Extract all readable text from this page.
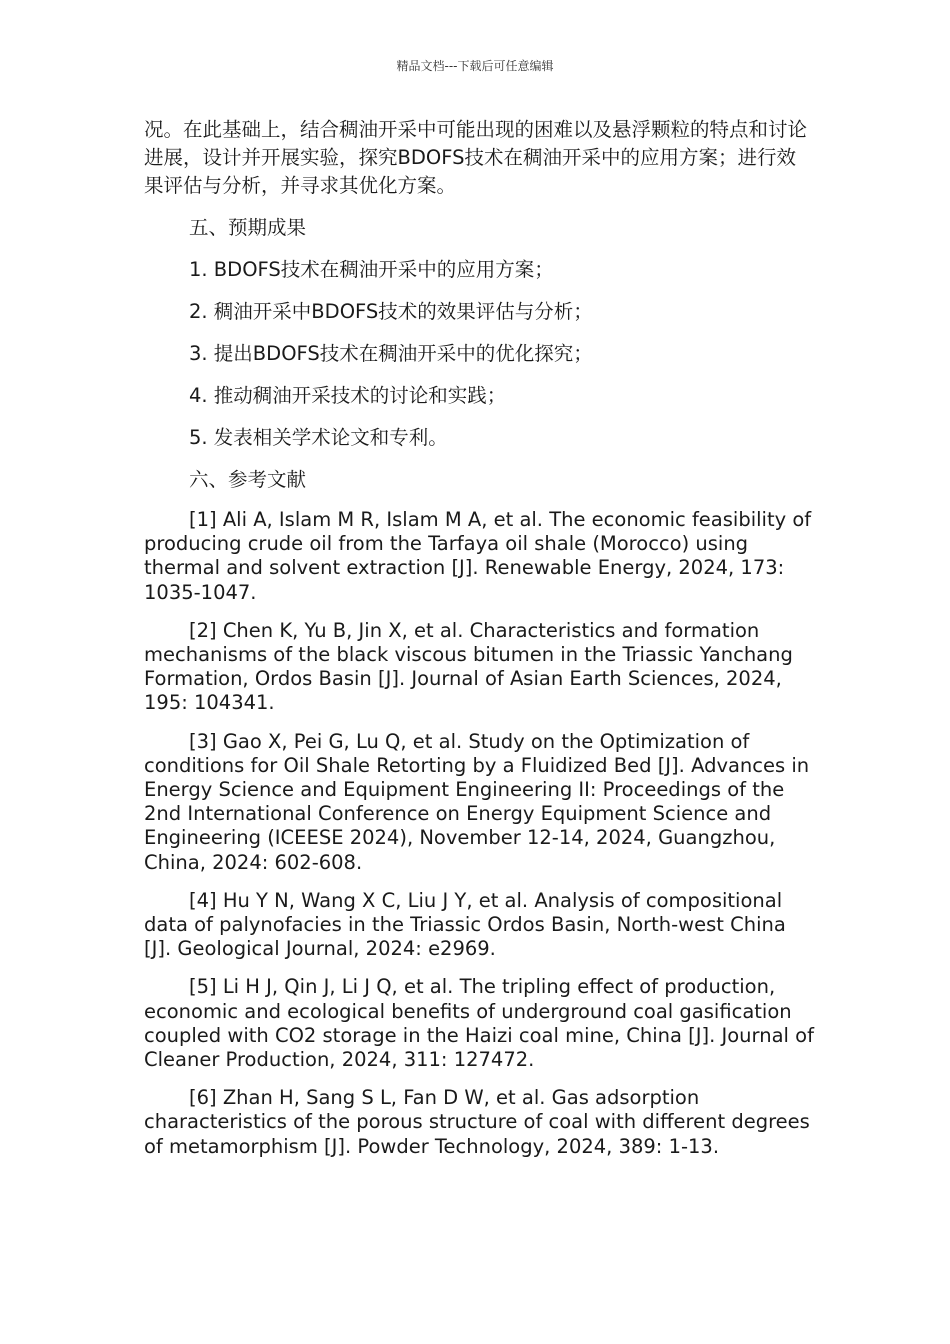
精品文档---下载后可任意编辑

况。在此基础上，结合稠油开采中可能出现的困难以及悬浮颗粒的特点和讨论进展，设计并开展实验，探究BDOFS技术在稠油开采中的应用方案；进行效果评估与分析，并寻求其优化方案。

五、预期成果

1. BDOFS技术在稠油开采中的应用方案；

2. 稠油开采中BDOFS技术的效果评估与分析；

3. 提出BDOFS技术在稠油开采中的优化探究；

4. 推动稠油开采技术的讨论和实践；

5. 发表相关学术论文和专利。

六、参考文献

[1] Ali A, Islam M R, Islam M A, et al. The economic feasibility of producing crude oil from the Tarfaya oil shale (Morocco) using thermal and solvent extraction [J]. Renewable Energy, 2024, 173: 1035-1047.

[2] Chen K, Yu B, Jin X, et al. Characteristics and formation mechanisms of the black viscous bitumen in the Triassic Yanchang Formation, Ordos Basin [J]. Journal of Asian Earth Sciences, 2024, 195: 104341.

[3] Gao X, Pei G, Lu Q, et al. Study on the Optimization of conditions for Oil Shale Retorting by a Fluidized Bed [J]. Advances in Energy Science and Equipment Engineering II: Proceedings of the 2nd International Conference on Energy Equipment Science and Engineering (ICEESE 2024), November 12-14, 2024, Guangzhou, China, 2024: 602-608.

[4] Hu Y N, Wang X C, Liu J Y, et al. Analysis of compositional data of palynofacies in the Triassic Ordos Basin, North-west China [J]. Geological Journal, 2024: e2969.

[5] Li H J, Qin J, Li J Q, et al. The tripling effect of production, economic and ecological benefits of underground coal gasification coupled with CO2 storage in the Haizi coal mine, China [J]. Journal of Cleaner Production, 2024, 311: 127472.

[6] Zhan H, Sang S L, Fan D W, et al. Gas adsorption characteristics of the porous structure of coal with different degrees of metamorphism [J]. Powder Technology, 2024, 389: 1-13.
